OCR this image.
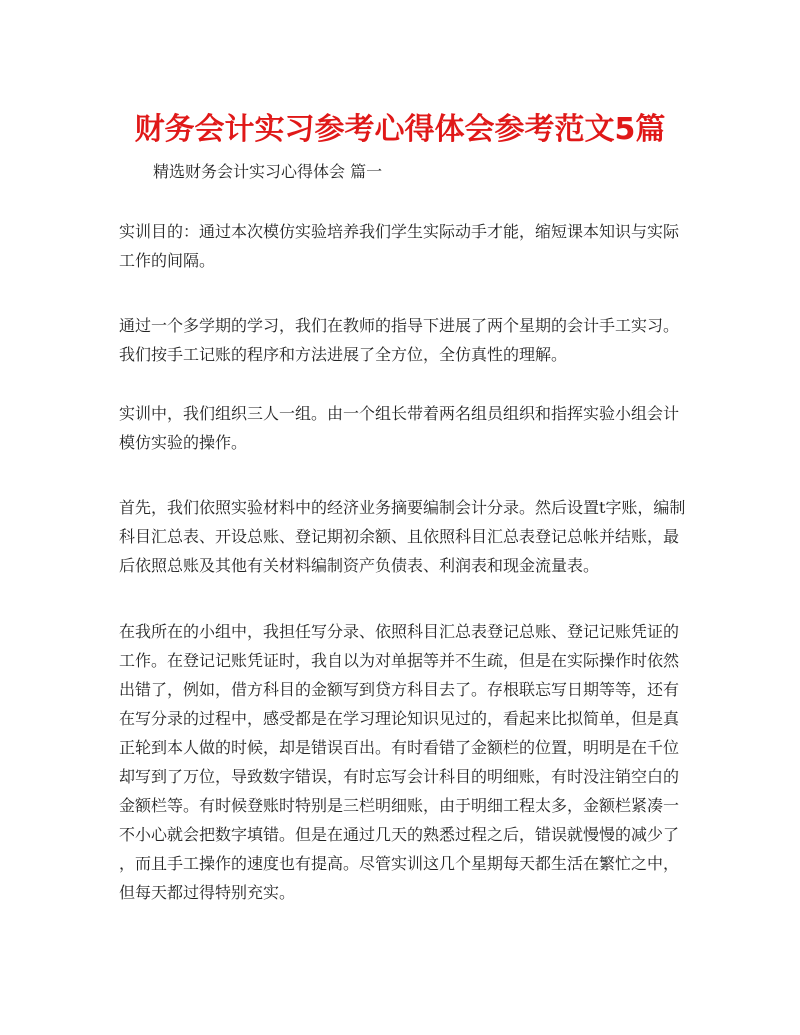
财务会计实习参考心得体会参考范文5篇

精选财务会计实习心得体会 篇一

实训目的：通过本次模仿实验培养我们学生实际动手才能，缩短课本知识与实际
工作的间隔。

通过一个多学期的学习，我们在教师的指导下进展了两个星期的会计手工实习。
我们按手工记账的程序和方法进展了全方位，全仿真性的理解。

实训中，我们组织三人一组。由一个组长带着两名组员组织和指挥实验小组会计
模仿实验的操作。

首先，我们依照实验材料中的经济业务摘要编制会计分录。然后设置t字账，编制
科目汇总表、开设总账、登记期初余额、且依照科目汇总表登记总帐并结账，最
后依照总账及其他有关材料编制资产负债表、利润表和现金流量表。

在我所在的小组中，我担任写分录、依照科目汇总表登记总账、登记记账凭证的
工作。在登记记账凭证时，我自以为对单据等并不生疏，但是在实际操作时依然
出错了，例如，借方科目的金额写到贷方科目去了。存根联忘写日期等等，还有
在写分录的过程中，感受都是在学习理论知识见过的，看起来比拟简单，但是真
正轮到本人做的时候，却是错误百出。有时看错了金额栏的位置，明明是在千位
却写到了万位，导致数字错误，有时忘写会计科目的明细账，有时没注销空白的
金额栏等。有时候登账时特别是三栏明细账，由于明细工程太多，金额栏紧凑一
不小心就会把数字填错。但是在通过几天的熟悉过程之后，错误就慢慢的减少了
，而且手工操作的速度也有提高。尽管实训这几个星期每天都生活在繁忙之中，
但每天都过得特别充实。
